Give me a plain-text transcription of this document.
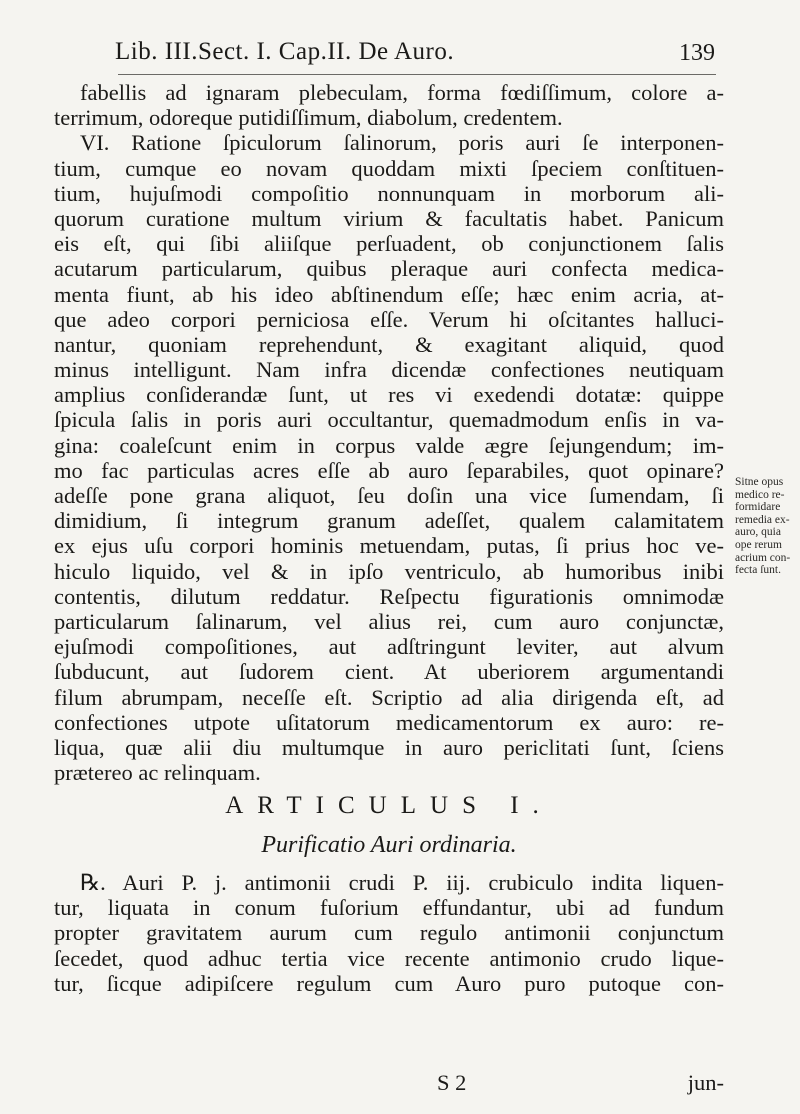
Lib. III.Sect. I. Cap.II. De Auro.	139
fabellis ad ignaram plebeculam, forma fœdiſſimum, colore a-
terrimum, odoreque putidiſſimum, diabolum, credentem.
VI. Ratione ſpiculorum ſalinorum, poris auri ſe interponen-
tium, cumque eo novam quoddam mixti ſpeciem conſtituen-
tium, hujuſmodi compoſitio nonnunquam in morborum ali-
quorum curatione multum virium & facultatis habet. Panicum
eis eſt, qui ſibi aliiſque perſuadent, ob conjunctionem ſalis
acutarum particularum, quibus pleraque auri confecta medica-
menta fiunt, ab his ideo abſtinendum eſſe; hæc enim acria, at-
que adeo corpori perniciosa eſſe. Verum hi oſcitantes halluci-
nantur, quoniam reprehendunt, & exagitant aliquid, quod
minus intelligunt. Nam infra dicendæ confectiones neutiquam
amplius conſiderandæ ſunt, ut res vi exedendi dotatæ: quippe
ſpicula ſalis in poris auri occultantur, quemadmodum enſis in va-
gina: coaleſcunt enim in corpus valde ægre ſejungendum; im-
mo fac particulas acres eſſe ab auro ſeparabiles, quot opinare?
adeſſe pone grana aliquot, ſeu doſin una vice ſumendam, ſi
dimidium, ſi integrum granum adeſſet, qualem calamitatem
ex ejus uſu corpori hominis metuendam, putas, ſi prius hoc ve-
hiculo liquido, vel & in ipſo ventriculo, ab humoribus inibi
contentis, dilutum reddatur. Reſpectu figurationis omnimodæ
particularum ſalinarum, vel alius rei, cum auro conjunctæ,
ejuſmodi compoſitiones, aut adſtringunt leviter, aut alvum
ſubducunt, aut ſudorem cient. At uberiorem argumentandi
filum abrumpam, neceſſe eſt. Scriptio ad alia dirigenda eſt, ad
confectiones utpote uſitatorum medicamentorum ex auro: re-
liqua, quæ alii diu multumque in auro periclitati ſunt, ſciens
prætereo ac relinquam.
Sitne opus
medico re-
formidare
remedia ex-
auro, quia
ope rerum
acrium con-
fecta ſunt.
ARTICULUS I.
Purificatio Auri ordinaria.
℞. Auri P. j. antimonii crudi P. iij. crubiculo indita liquen-
tur, liquata in conum fuſorium effundantur, ubi ad fundum
propter gravitatem aurum cum regulo antimonii conjunctum
ſecedet, quod adhuc tertia vice recente antimonio crudo lique-
tur, ſicque adipiſcere regulum cum Auro puro putoque con-
S 2	jun-
